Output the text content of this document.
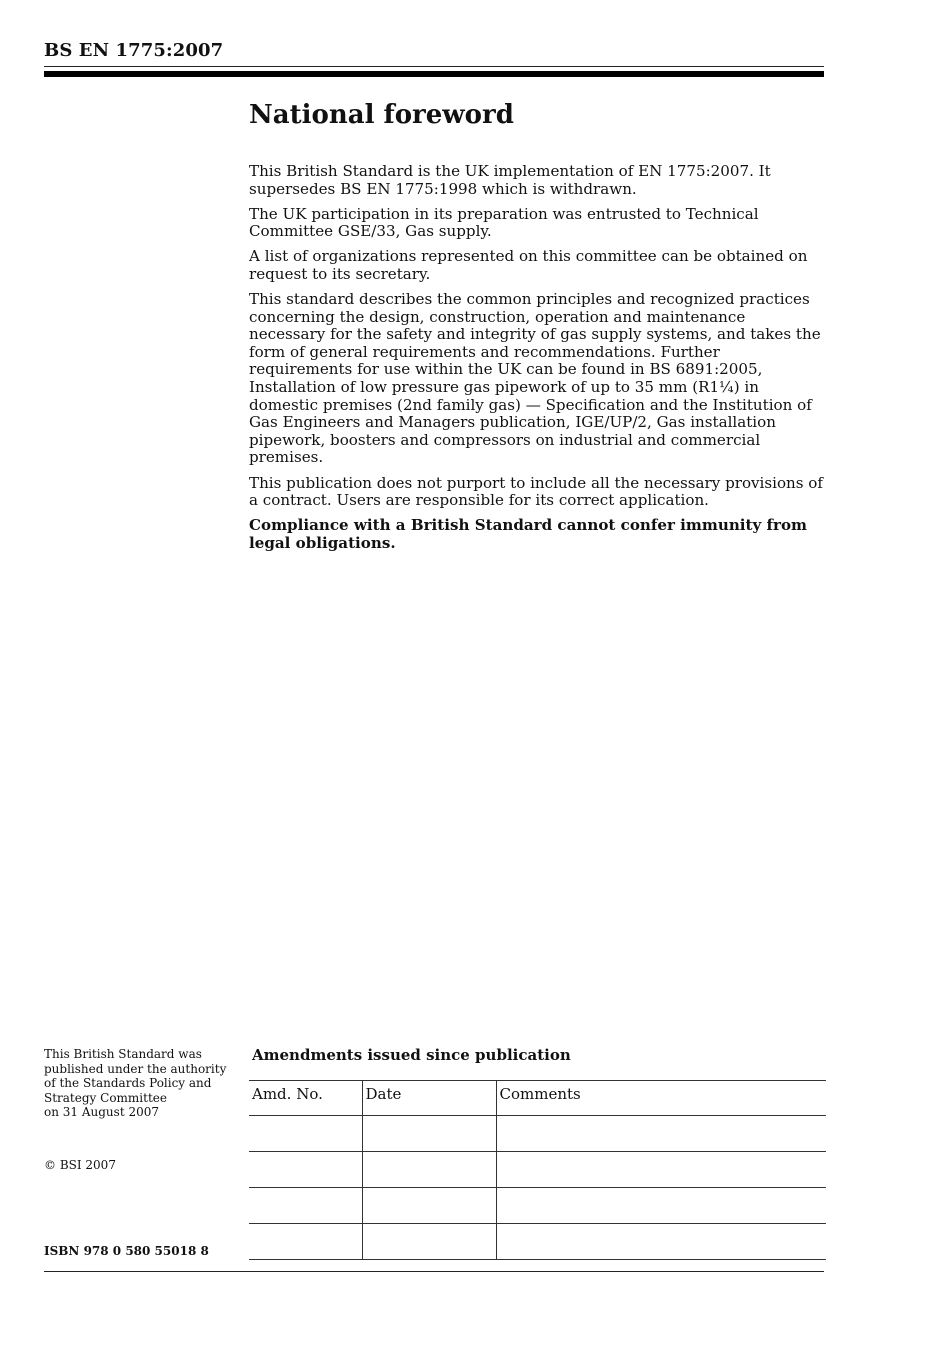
BS EN 1775:2007
National foreword

This British Standard is the UK implementation of EN 1775:2007. It supersedes BS EN 1775:1998 which is withdrawn.

The UK participation in its preparation was entrusted to Technical Committee GSE/33, Gas supply.

A list of organizations represented on this committee can be obtained on request to its secretary.

This standard describes the common principles and recognized practices concerning the design, construction, operation and maintenance necessary for the safety and integrity of gas supply systems, and takes the form of general requirements and recommendations. Further requirements for use within the UK can be found in BS 6891:2005, Installation of low pressure gas pipework of up to 35 mm (R1¼) in domestic premises (2nd family gas) — Specification and the Institution of Gas Engineers and Managers publication, IGE/UP/2, Gas installation pipework, boosters and compressors on industrial and commercial premises.

This publication does not purport to include all the necessary provisions of a contract. Users are responsible for its correct application.

Compliance with a British Standard cannot confer immunity from legal obligations.

This British Standard was
published under the authority
of the Standards Policy and
Strategy Committee
on 31 August 2007
© BSI 2007
ISBN 978 0 580 55018 8
Amendments issued since publication
Amd. No.	Date	Comments
